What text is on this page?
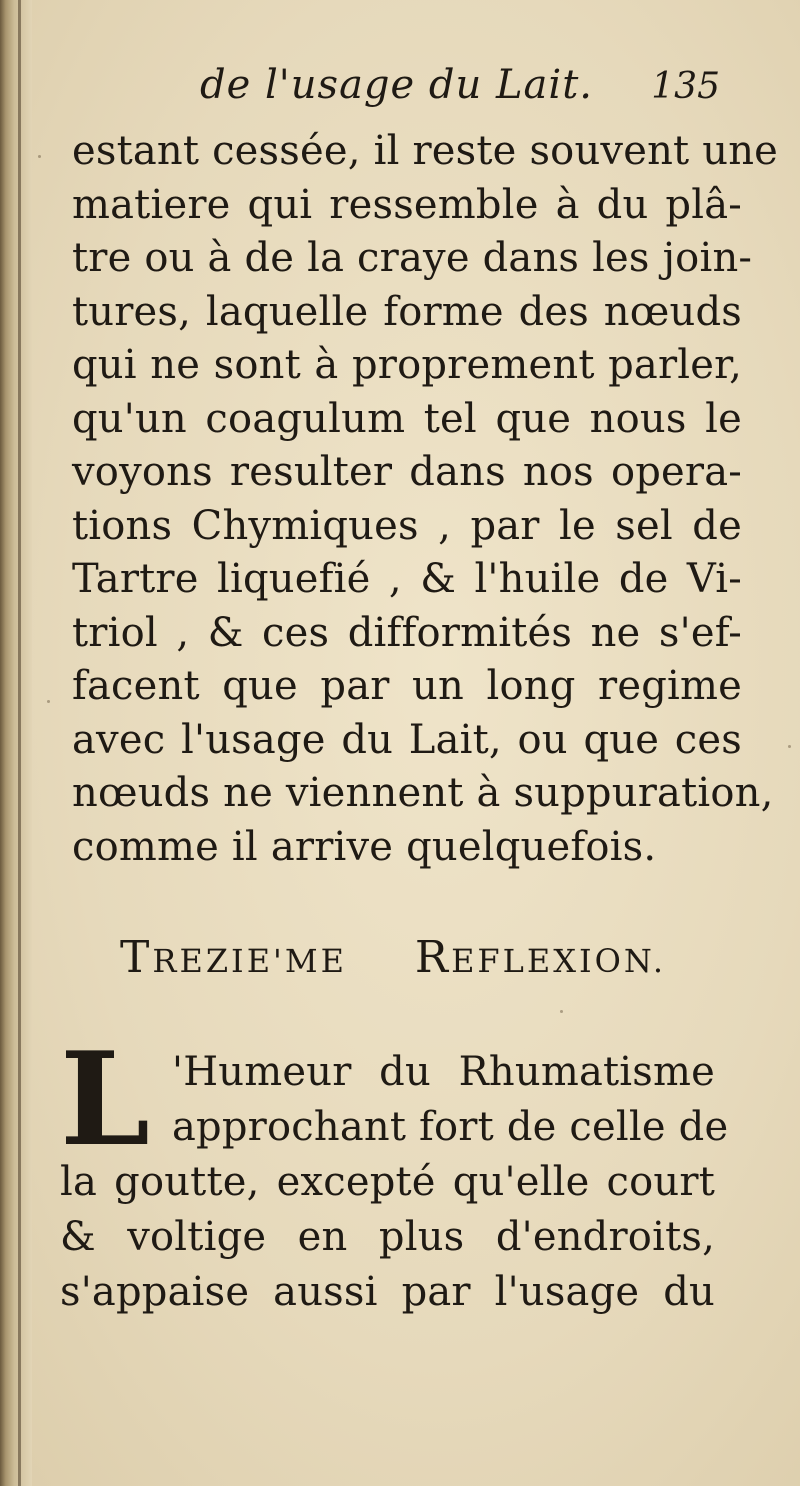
de l'usage du Lait. 135
estant cessée, il reste souvent une
matiere qui ressemble à du plâ-
tre ou à de la craye dans les join-
tures, laquelle forme des nœuds
qui ne sont à proprement parler,
qu'un coagulum tel que nous le
voyons resulter dans nos opera-
tions Chymiques , par le sel de
Tartre liquefié , & l'huile de Vi-
triol , & ces difformités ne s'ef-
facent que par un long regime
avec l'usage du Lait, ou que ces
nœuds ne viennent à suppuration,
comme il arrive quelquefois.
TREZIE'ME REFLEXION.
L 'Humeur du Rhumatisme
approchant fort de celle de
la goutte, excepté qu'elle court
& voltige en plus d'endroits,
s'appaise aussi par l'usage du
